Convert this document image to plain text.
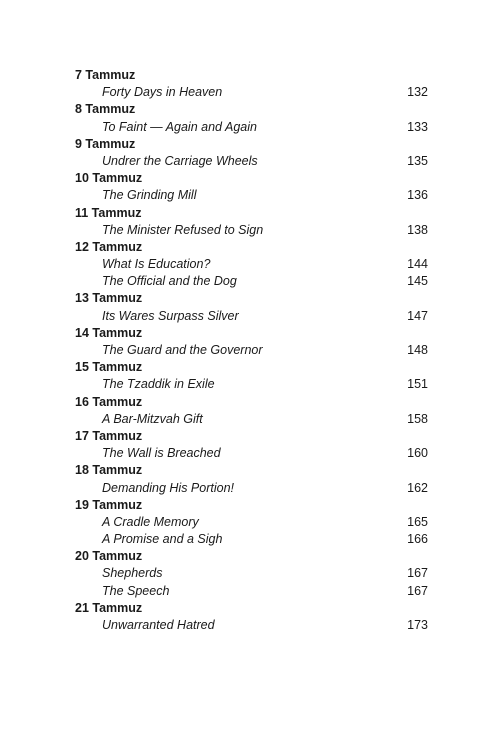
7 Tammuz
Forty Days in Heaven	132
8 Tammuz
To Faint — Again and Again	133
9 Tammuz
Undrer the Carriage Wheels	135
10 Tammuz
The Grinding Mill	136
11 Tammuz
The Minister Refused to Sign	138
12 Tammuz
What Is Education?	144
The Official and the Dog	145
13 Tammuz
Its Wares Surpass Silver	147
14 Tammuz
The Guard and the Governor	148
15 Tammuz
The Tzaddik in Exile	151
16 Tammuz
A Bar-Mitzvah Gift	158
17 Tammuz
The Wall is Breached	160
18 Tammuz
Demanding His Portion!	162
19 Tammuz
A Cradle Memory	165
A Promise and a Sigh	166
20 Tammuz
Shepherds	167
The Speech	167
21 Tammuz
Unwarranted Hatred	173
